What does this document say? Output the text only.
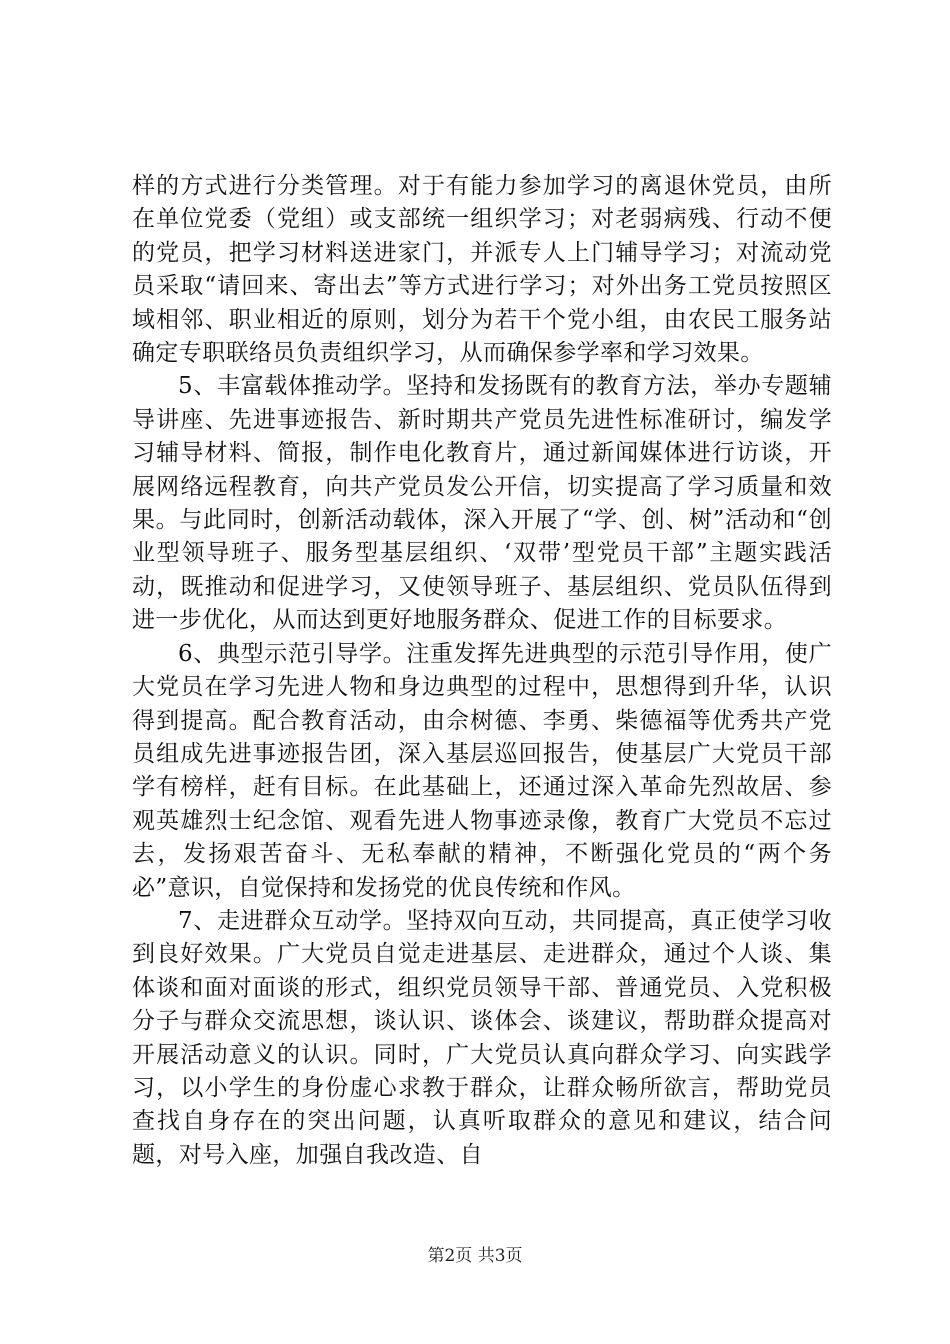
样的方式进行分类管理。对于有能力参加学习的离退休党员，由所在单位党委（党组）或支部统一组织学习；对老弱病残、行动不便的党员，把学习材料送进家门，并派专人上门辅导学习；对流动党员采取“请回来、寄出去”等方式进行学习；对外出务工党员按照区域相邻、职业相近的原则，划分为若干个党小组，由农民工服务站确定专职联络员负责组织学习，从而确保参学率和学习效果。

5、丰富载体推动学。坚持和发扬既有的教育方法，举办专题辅导讲座、先进事迹报告、新时期共产党员先进性标准研讨，编发学习辅导材料、简报，制作电化教育片，通过新闻媒体进行访谈，开展网络远程教育，向共产党员发公开信，切实提高了学习质量和效果。与此同时，创新活动载体，深入开展了“学、创、树”活动和“创业型领导班子、服务型基层组织、‘双带’型党员干部”主题实践活动，既推动和促进学习，又使领导班子、基层组织、党员队伍得到进一步优化，从而达到更好地服务群众、促进工作的目标要求。

6、典型示范引导学。注重发挥先进典型的示范引导作用，使广大党员在学习先进人物和身边典型的过程中，思想得到升华，认识得到提高。配合教育活动，由佘树德、李勇、柴德福等优秀共产党员组成先进事迹报告团，深入基层巡回报告，使基层广大党员干部学有榜样，赶有目标。在此基础上，还通过深入革命先烈故居、参观英雄烈士纪念馆、观看先进人物事迹录像，教育广大党员不忘过去，发扬艰苦奋斗、无私奉献的精神，不断强化党员的“两个务必”意识，自觉保持和发扬党的优良传统和作风。

7、走进群众互动学。坚持双向互动，共同提高，真正使学习收到良好效果。广大党员自觉走进基层、走进群众，通过个人谈、集体谈和面对面谈的形式，组织党员领导干部、普通党员、入党积极分子与群众交流思想，谈认识、谈体会、谈建议，帮助群众提高对开展活动意义的认识。同时，广大党员认真向群众学习、向实践学习，以小学生的身份虚心求教于群众，让群众畅所欲言，帮助党员查找自身存在的突出问题，认真听取群众的意见和建议，结合问题，对号入座，加强自我改造、自

第2页 共3页
